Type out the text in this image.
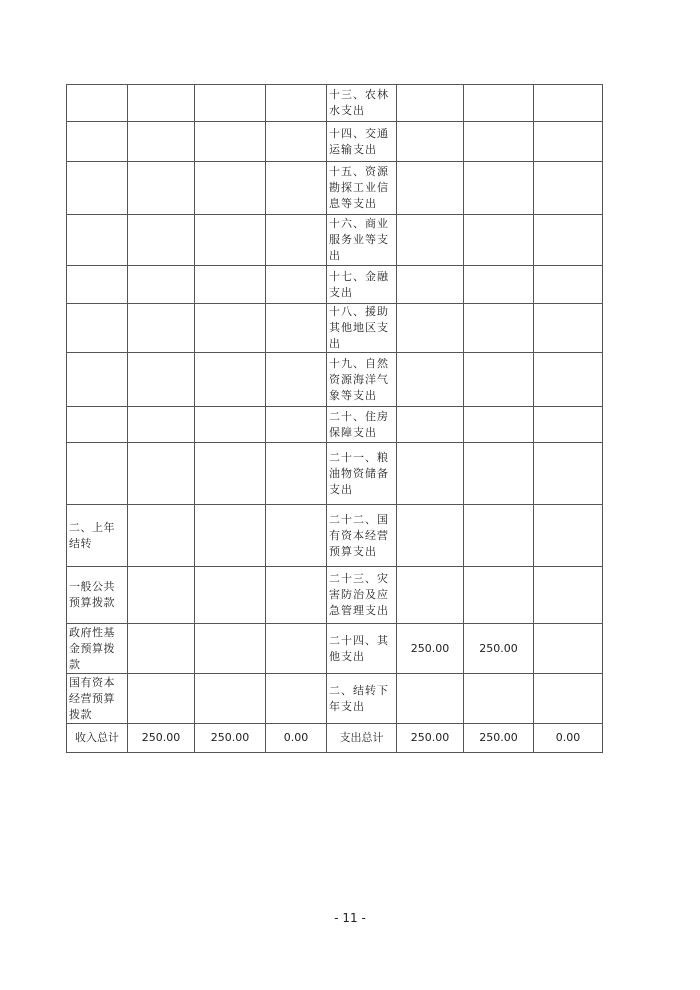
				十三、农林水支出			
				十四、交通运输支出			
				十五、资源勘探工业信息等支出			
				十六、商业服务业等支出			
				十七、金融支出			
				十八、援助其他地区支出			
				十九、自然资源海洋气象等支出			
				二十、住房保障支出			
				二十一、粮油物资储备支出			
二、上年 结转				二十二、国有资本经营预算支出			
一般公共预算拨款				二十三、灾害防治及应急管理支出			
政府性基金预算拨款				二十四、其他支出	250.00	250.00	
国有资本经营预算拨款				二、结转下年支出			
收入总计	250.00	250.00	0.00	支出总计	250.00	250.00	0.00
- 11 -
